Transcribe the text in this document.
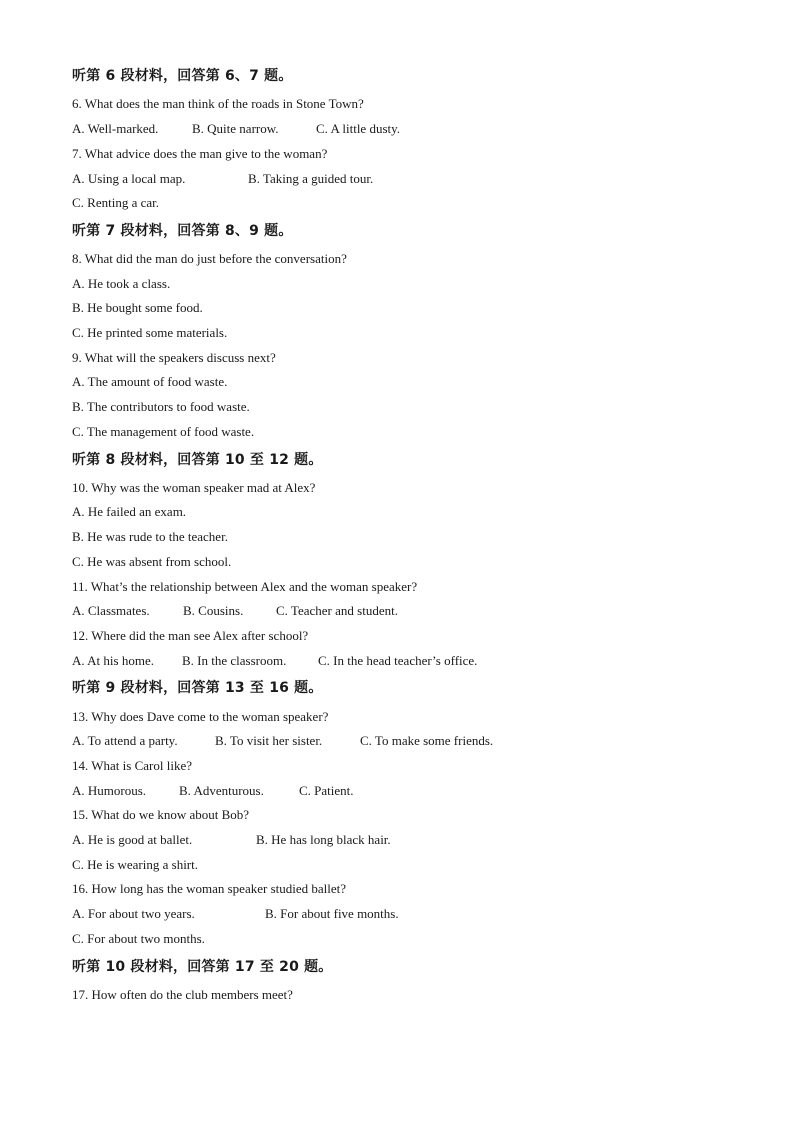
听第 6 段材料，回答第 6、7 题。
6. What does the man think of the roads in Stone Town?
A. Well-marked.	B. Quite narrow.	C. A little dusty.
7. What advice does the man give to the woman?
A. Using a local map.	B. Taking a guided tour.
C. Renting a car.
听第 7 段材料，回答第 8、9 题。
8. What did the man do just before the conversation?
A. He took a class.
B. He bought some food.
C. He printed some materials.
9. What will the speakers discuss next?
A. The amount of food waste.
B. The contributors to food waste.
C. The management of food waste.
听第 8 段材料，回答第 10 至 12 题。
10. Why was the woman speaker mad at Alex?
A. He failed an exam.
B. He was rude to the teacher.
C. He was absent from school.
11. What’s the relationship between Alex and the woman speaker?
A. Classmates.	B. Cousins.	C. Teacher and student.
12. Where did the man see Alex after school?
A. At his home. B. In the classroom. C. In the head teacher’s office.
听第 9 段材料，回答第 13 至 16 题。
13. Why does Dave come to the woman speaker?
A. To attend a party.	B. To visit her sister.	C. To make some friends.
14. What is Carol like?
A. Humorous.	B. Adventurous.	C. Patient.
15. What do we know about Bob?
A. He is good at ballet.	B. He has long black hair.
C. He is wearing a shirt.
16. How long has the woman speaker studied ballet?
A. For about two years.	B. For about five months.
C. For about two months.
听第 10 段材料，回答第 17 至 20 题。
17. How often do the club members meet?
